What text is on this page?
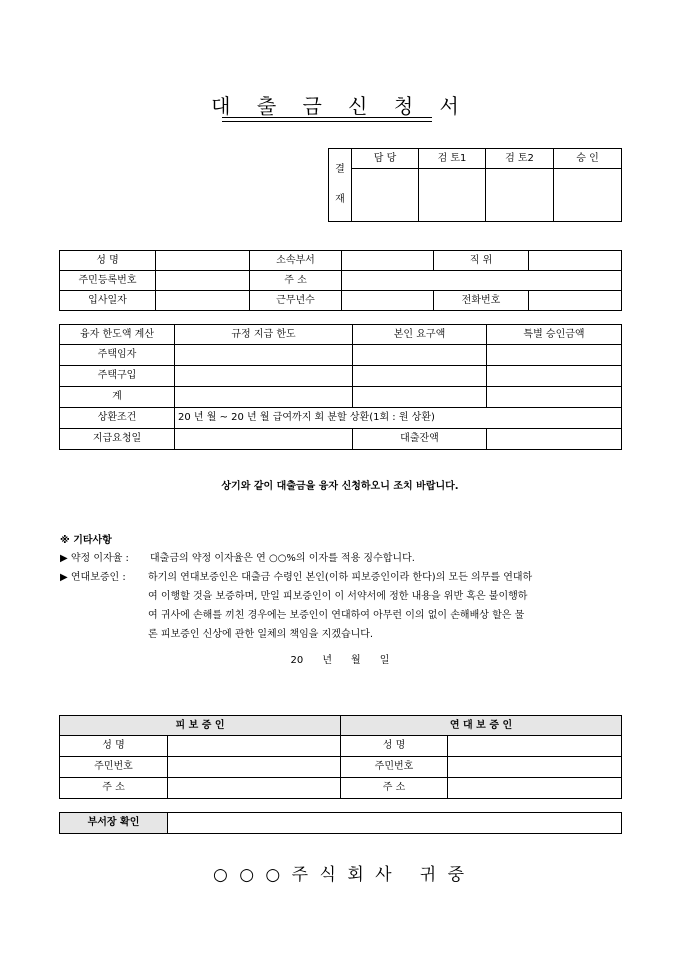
대 출 금 신 청 서
결
재	담 당	검 토1	검 토2	승 인

성 명		소속부서		직 위	
주민등록번호		주 소			
입사일자		근무년수		전화번호	
융자 한도액 계산	규정 지급 한도	본인 요구액	특별 승인금액
주택임자			
주택구입			
계			
상환조건	20 년 월 ~ 20 년 월 급여까지 회 분할 상환(1회 : 원 상환)		
지급요청일		대출잔액	
상기와 같이 대출금을 융자 신청하오니 조치 바랍니다.
※ 기타사항
▶ 약정 이자율 : 대출금의 약정 이자율은 연 ○○%의 이자를 적용 징수합니다.
▶ 연대보증인 : 하기의 연대보증인은 대출금 수령인 본인(이하 피보증인이라 한다)의 모든 의무를 연대하

여 이행할 것을 보증하며, 만일 피보증인이 이 서약서에 정한 내용을 위반 혹은 불이행하

여 귀사에 손해를 끼친 경우에는 보증인이 연대하여 아무런 이의 없이 손해배상 할은 물

론 피보증인 신상에 관한 일체의 책임을 지겠습니다.

20      년      월      일
피 보 증 인		연 대 보 증 인	
성 명		성 명	
주민번호		주민번호	
주 소		주 소	
부서장 확인	
○ ○ ○ 주 식 회 사   귀 중
